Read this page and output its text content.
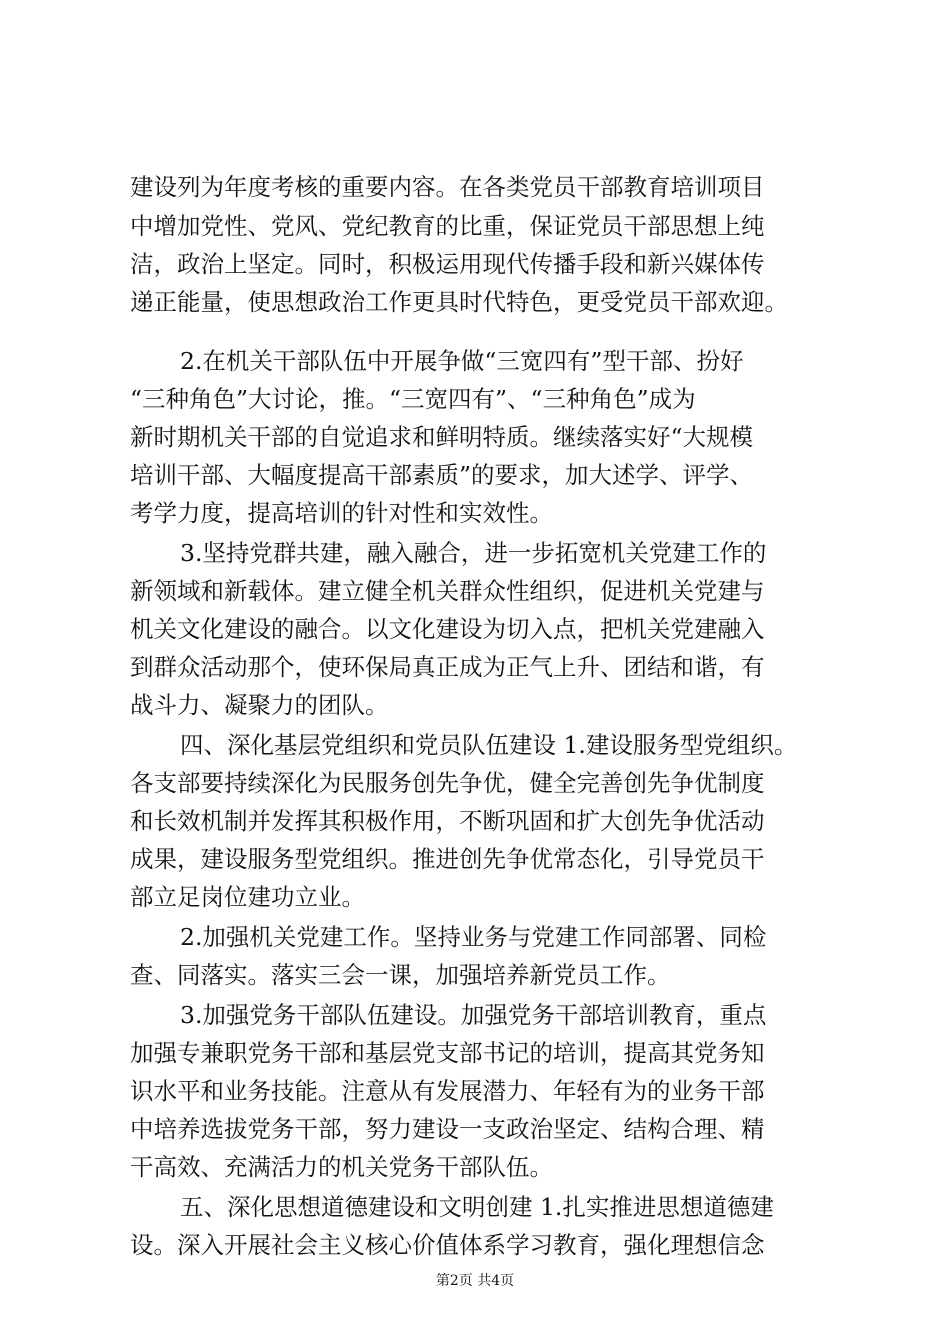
建设列为年度考核的重要内容。在各类党员干部教育培训项目
中增加党性、党风、党纪教育的比重，保证党员干部思想上纯
洁，政治上坚定。同时，积极运用现代传播手段和新兴媒体传
递正能量，使思想政治工作更具时代特色，更受党员干部欢迎。
2.在机关干部队伍中开展争做“三宽四有”型干部、扮好
“三种角色”大讨论，推。“三宽四有”、“三种角色”成为
新时期机关干部的自觉追求和鲜明特质。继续落实好“大规模
培训干部、大幅度提高干部素质”的要求，加大述学、评学、
考学力度，提高培训的针对性和实效性。
3.坚持党群共建，融入融合，进一步拓宽机关党建工作的
新领域和新载体。建立健全机关群众性组织，促进机关党建与
机关文化建设的融合。以文化建设为切入点，把机关党建融入
到群众活动那个，使环保局真正成为正气上升、团结和谐，有
战斗力、凝聚力的团队。
四、深化基层党组织和党员队伍建设 1.建设服务型党组织。
各支部要持续深化为民服务创先争优，健全完善创先争优制度
和长效机制并发挥其积极作用，不断巩固和扩大创先争优活动
成果，建设服务型党组织。推进创先争优常态化，引导党员干
部立足岗位建功立业。
2.加强机关党建工作。坚持业务与党建工作同部署、同检
查、同落实。落实三会一课，加强培养新党员工作。
3.加强党务干部队伍建设。加强党务干部培训教育，重点
加强专兼职党务干部和基层党支部书记的培训，提高其党务知
识水平和业务技能。注意从有发展潜力、年轻有为的业务干部
中培养选拔党务干部，努力建设一支政治坚定、结构合理、精
干高效、充满活力的机关党务干部队伍。
五、深化思想道德建设和文明创建 1.扎实推进思想道德建
设。深入开展社会主义核心价值体系学习教育，强化理想信念
第2页 共4页
